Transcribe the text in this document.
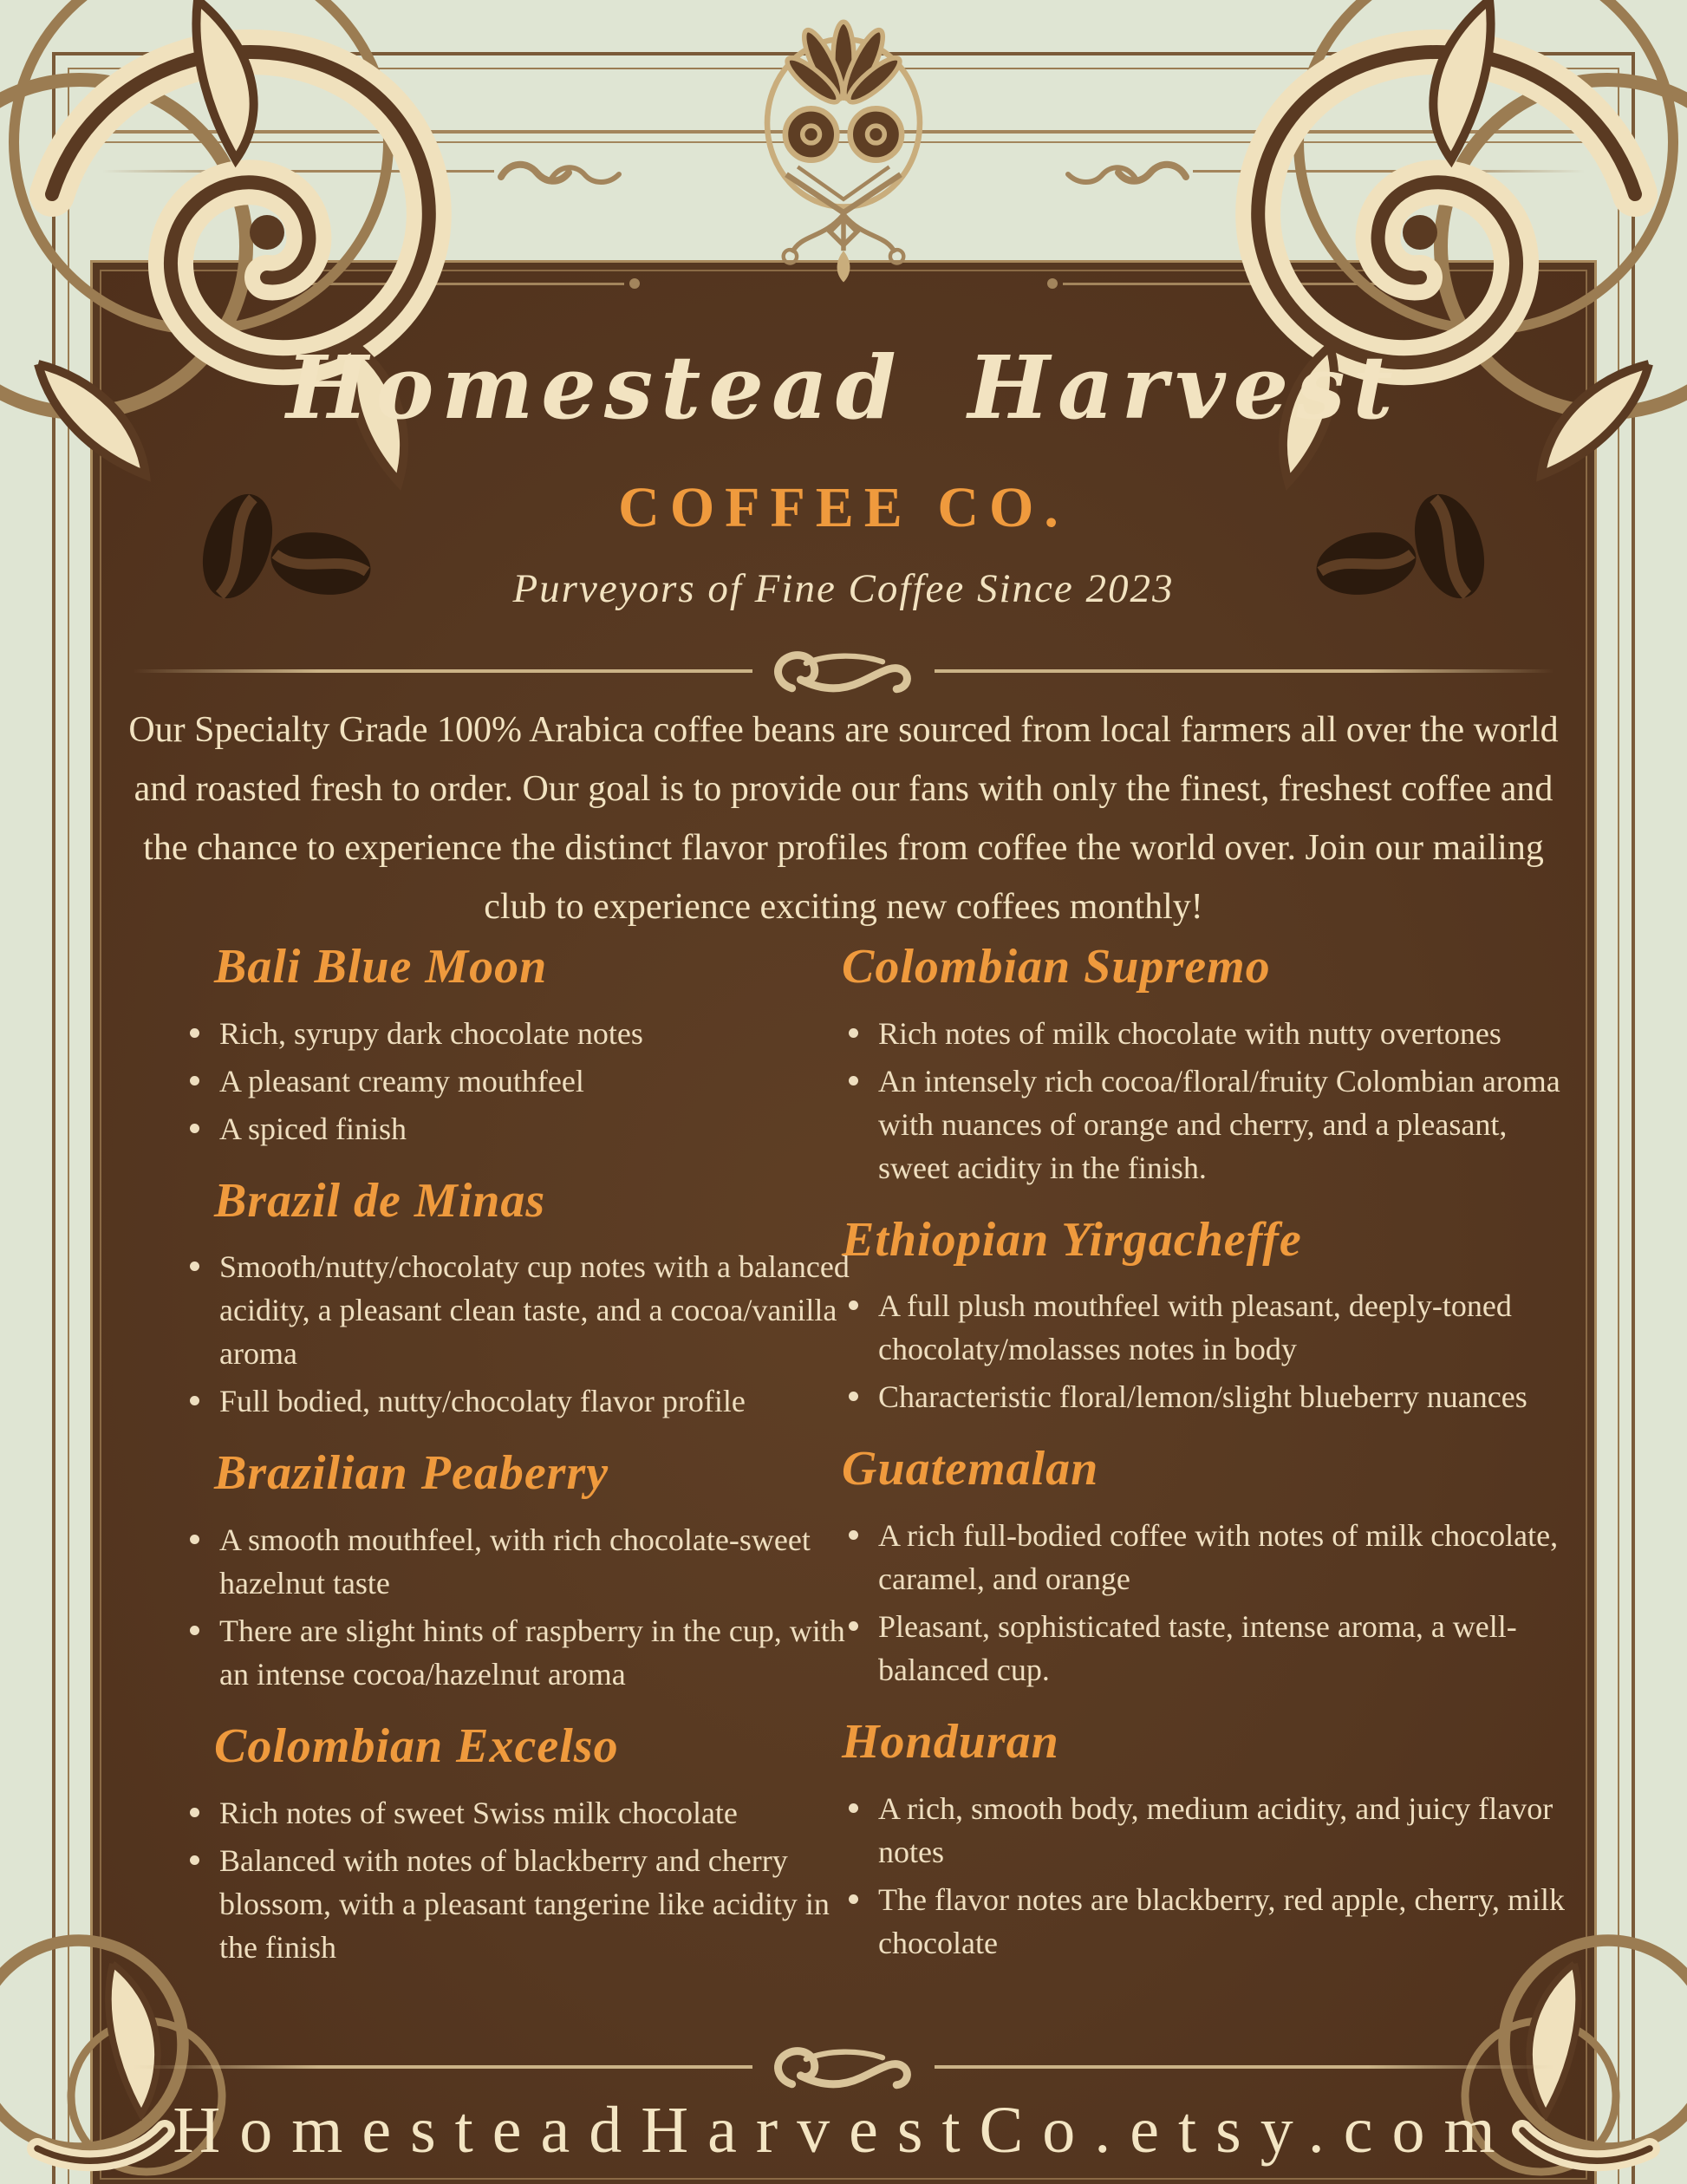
Homestead Harvest
COFFEE CO.
Purveyors of Fine Coffee Since 2023
Our Specialty Grade 100% Arabica coffee beans are sourced from local farmers all over the world and roasted fresh to order. Our goal is to provide our fans with only the finest, freshest coffee and the chance to experience the distinct flavor profiles from coffee the world over. Join our mailing club to experience exciting new coffees monthly!
Bali Blue Moon
Rich, syrupy dark chocolate notes
A pleasant creamy mouthfeel
A spiced finish
Brazil de Minas
Smooth/nutty/chocolaty cup notes with a balanced acidity, a pleasant clean taste, and a cocoa/vanilla aroma
Full bodied, nutty/chocolaty flavor profile
Brazilian Peaberry
A smooth mouthfeel, with rich chocolate-sweet hazelnut taste
There are slight hints of raspberry in the cup, with an intense cocoa/hazelnut aroma
Colombian Excelso
Rich notes of sweet Swiss milk chocolate
Balanced with notes of blackberry and cherry blossom, with a pleasant tangerine like acidity in the finish
Colombian Supremo
Rich notes of milk chocolate with nutty overtones
An intensely rich cocoa/floral/fruity Colombian aroma with nuances of orange and cherry, and a pleasant, sweet acidity in the finish.
Ethiopian Yirgacheffe
A full plush mouthfeel with pleasant, deeply-toned chocolaty/molasses notes in body
Characteristic floral/lemon/slight blueberry nuances
Guatemalan
A rich full-bodied coffee with notes of milk chocolate, caramel, and orange
Pleasant, sophisticated taste, intense aroma, a well-balanced cup.
Honduran
A rich, smooth body, medium acidity, and juicy flavor notes
The flavor notes are blackberry, red apple, cherry, milk chocolate
HomesteadHarvestCo.etsy.com
